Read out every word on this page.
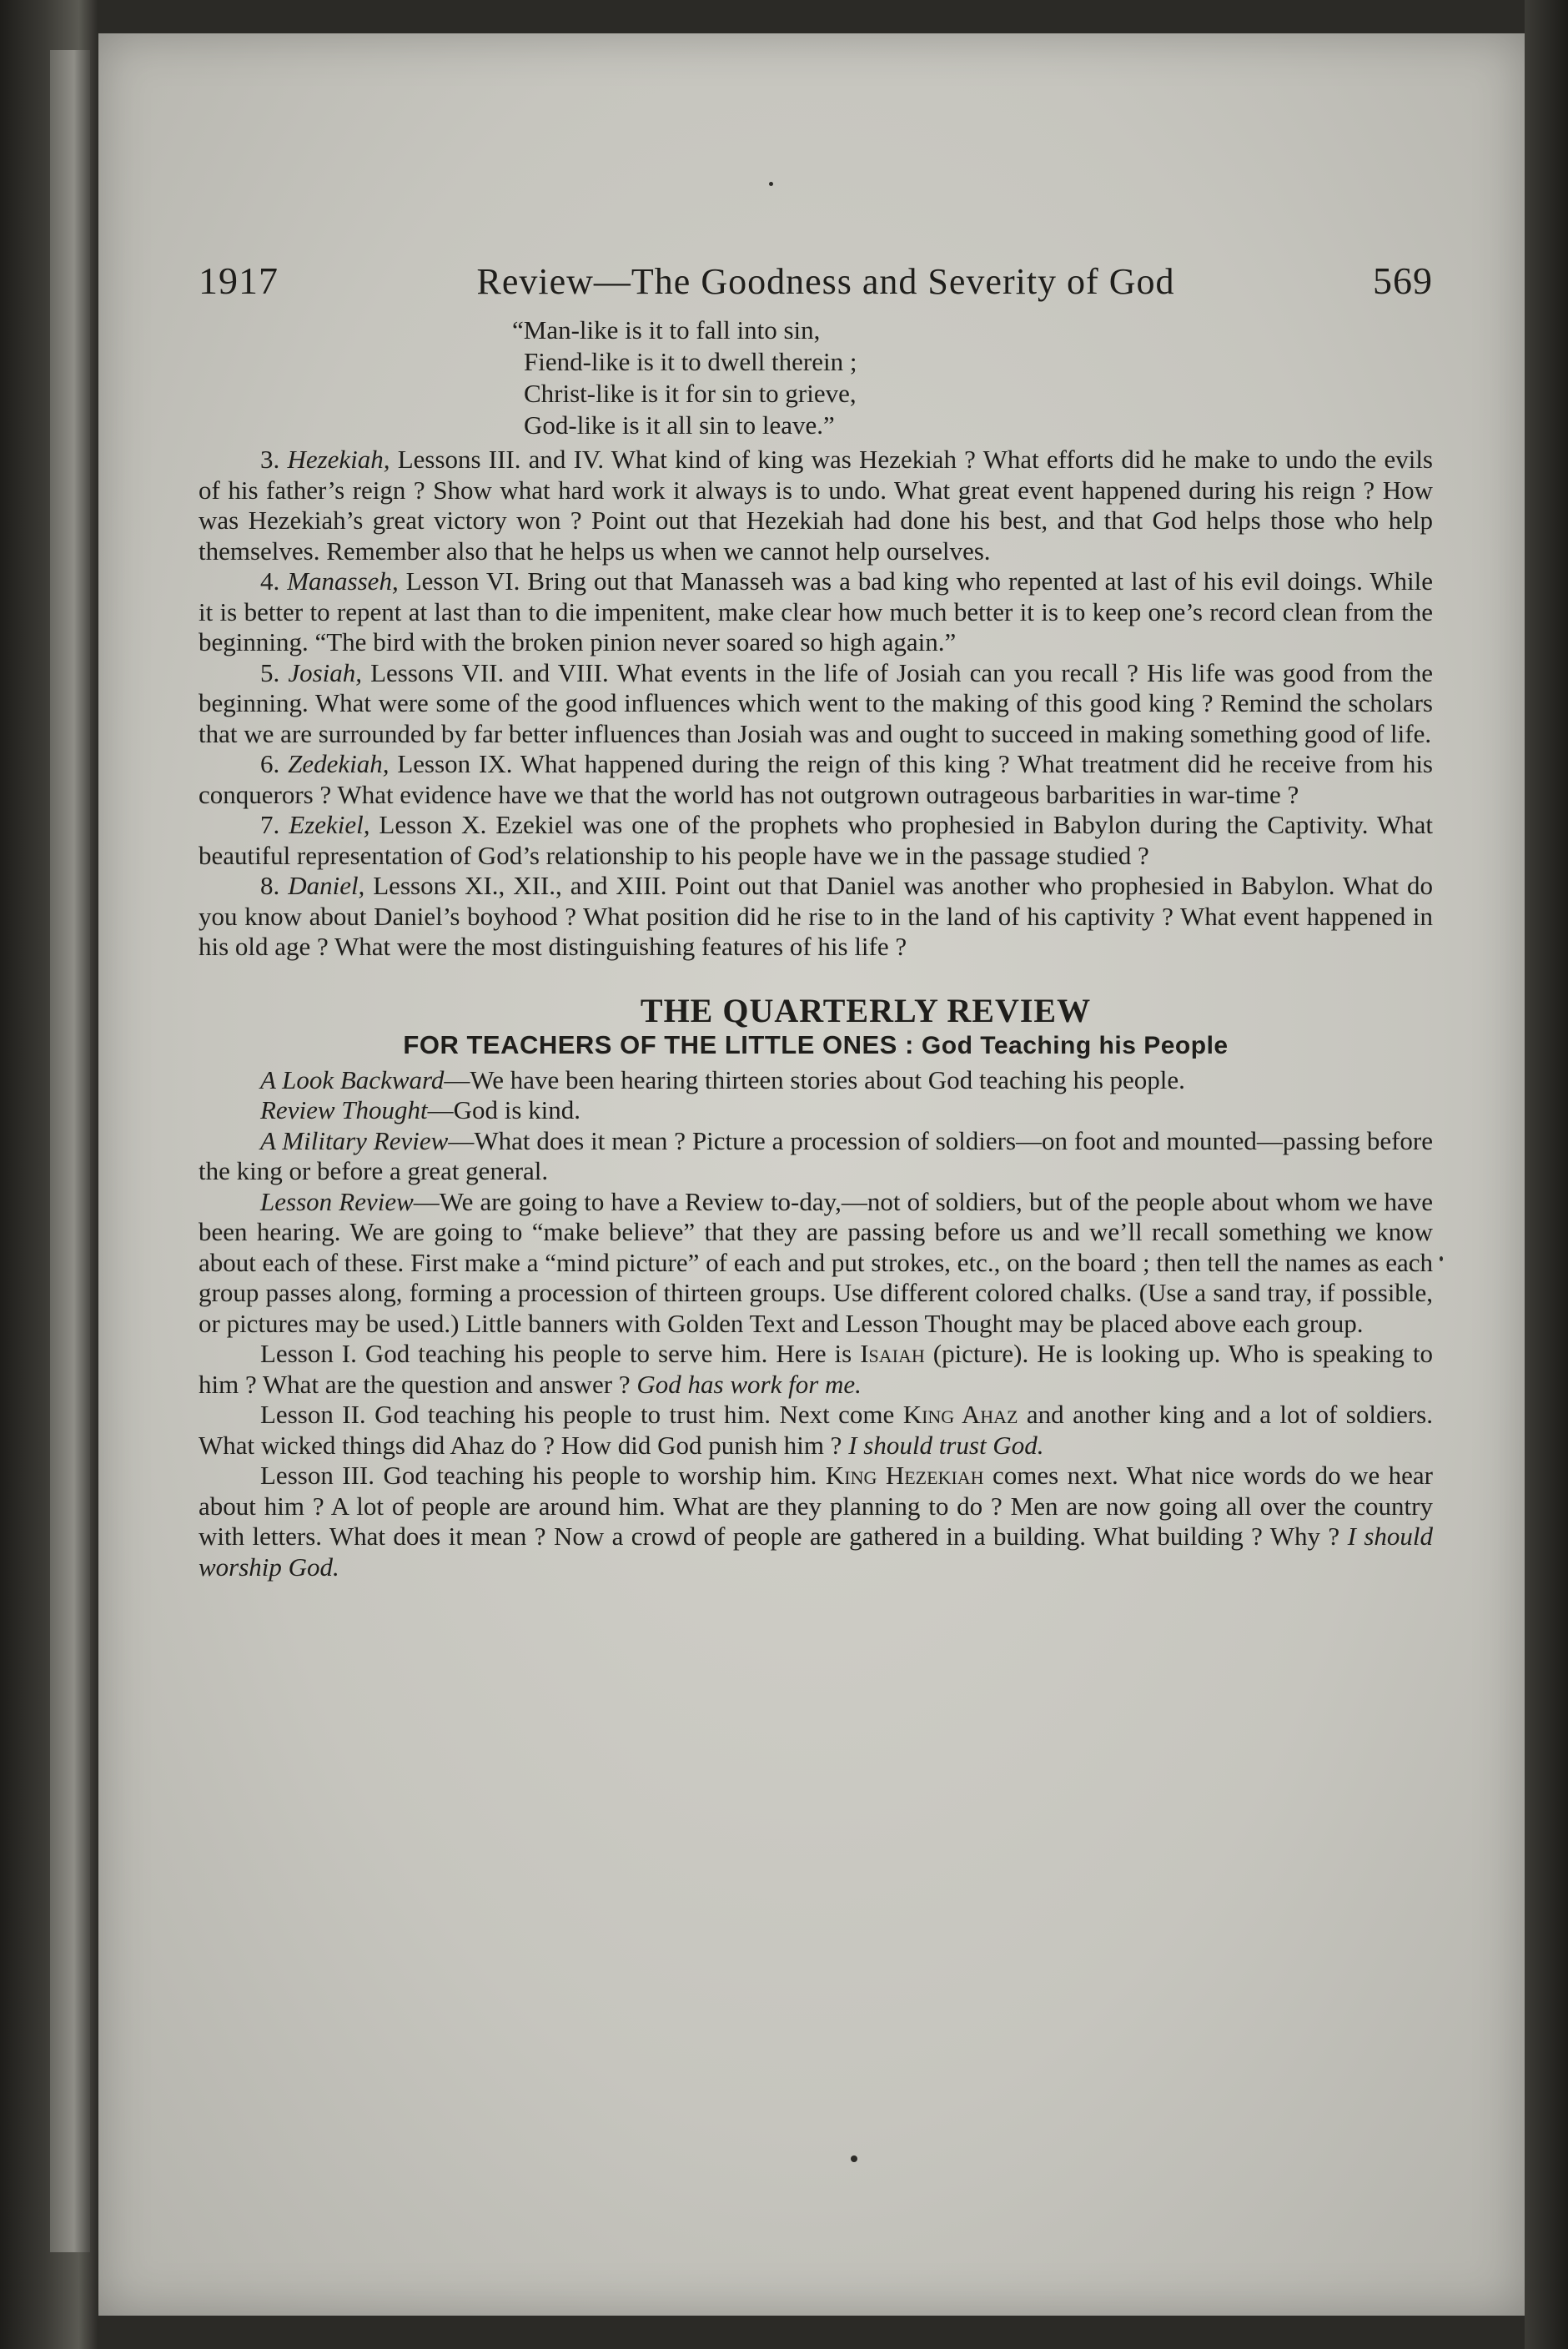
1917	Review—The Goodness and Severity of God	569
“Man-like is it to fall into sin,
Fiend-like is it to dwell therein ;
Christ-like is it for sin to grieve,
God-like is it all sin to leave.”

3. Hezekiah, Lessons III. and IV. What kind of king was Hezekiah ? What efforts did he make to undo the evils of his father’s reign ? Show what hard work it always is to undo. What great event happened during his reign ? How was Hezekiah’s great victory won ? Point out that Hezekiah had done his best, and that God helps those who help themselves. Remember also that he helps us when we cannot help ourselves.

4. Manasseh, Lesson VI. Bring out that Manasseh was a bad king who repented at last of his evil doings. While it is better to repent at last than to die impenitent, make clear how much better it is to keep one’s record clean from the beginning. “The bird with the broken pinion never soared so high again.”

5. Josiah, Lessons VII. and VIII. What events in the life of Josiah can you recall ? His life was good from the beginning. What were some of the good influences which went to the making of this good king ? Remind the scholars that we are surrounded by far better influences than Josiah was and ought to succeed in making something good of life.

6. Zedekiah, Lesson IX. What happened during the reign of this king ? What treatment did he receive from his conquerors ? What evidence have we that the world has not outgrown outrageous barbarities in war-time ?

7. Ezekiel, Lesson X. Ezekiel was one of the prophets who prophesied in Babylon during the Captivity. What beautiful representation of God’s relationship to his people have we in the passage studied ?

8. Daniel, Lessons XI., XII., and XIII. Point out that Daniel was another who prophesied in Babylon. What do you know about Daniel’s boyhood ? What position did he rise to in the land of his captivity ? What event happened in his old age ? What were the most distinguishing features of his life ?

THE QUARTERLY REVIEW
FOR TEACHERS OF THE LITTLE ONES : God Teaching his People

A Look Backward—We have been hearing thirteen stories about God teaching his people.

Review Thought—God is kind.

A Military Review—What does it mean ? Picture a procession of soldiers—on foot and mounted—passing before the king or before a great general.

Lesson Review—We are going to have a Review to-day,—not of soldiers, but of the people about whom we have been hearing. We are going to “make believe” that they are passing before us and we’ll recall something we know about each of these. First make a “mind picture” of each and put strokes, etc., on the board ; then tell the names as each group passes along, forming a procession of thirteen groups. Use different colored chalks. (Use a sand tray, if possible, or pictures may be used.) Little banners with Golden Text and Lesson Thought may be placed above each group.

Lesson I. God teaching his people to serve him. Here is Isaiah (picture). He is looking up. Who is speaking to him ? What are the question and answer ? God has work for me.

Lesson II. God teaching his people to trust him. Next come King Ahaz and another king and a lot of soldiers. What wicked things did Ahaz do ? How did God punish him ? I should trust God.

Lesson III. God teaching his people to worship him. King Hezekiah comes next. What nice words do we hear about him ? A lot of people are around him. What are they planning to do ? Men are now going all over the country with letters. What does it mean ? Now a crowd of people are gathered in a building. What building ? Why ? I should worship God.
